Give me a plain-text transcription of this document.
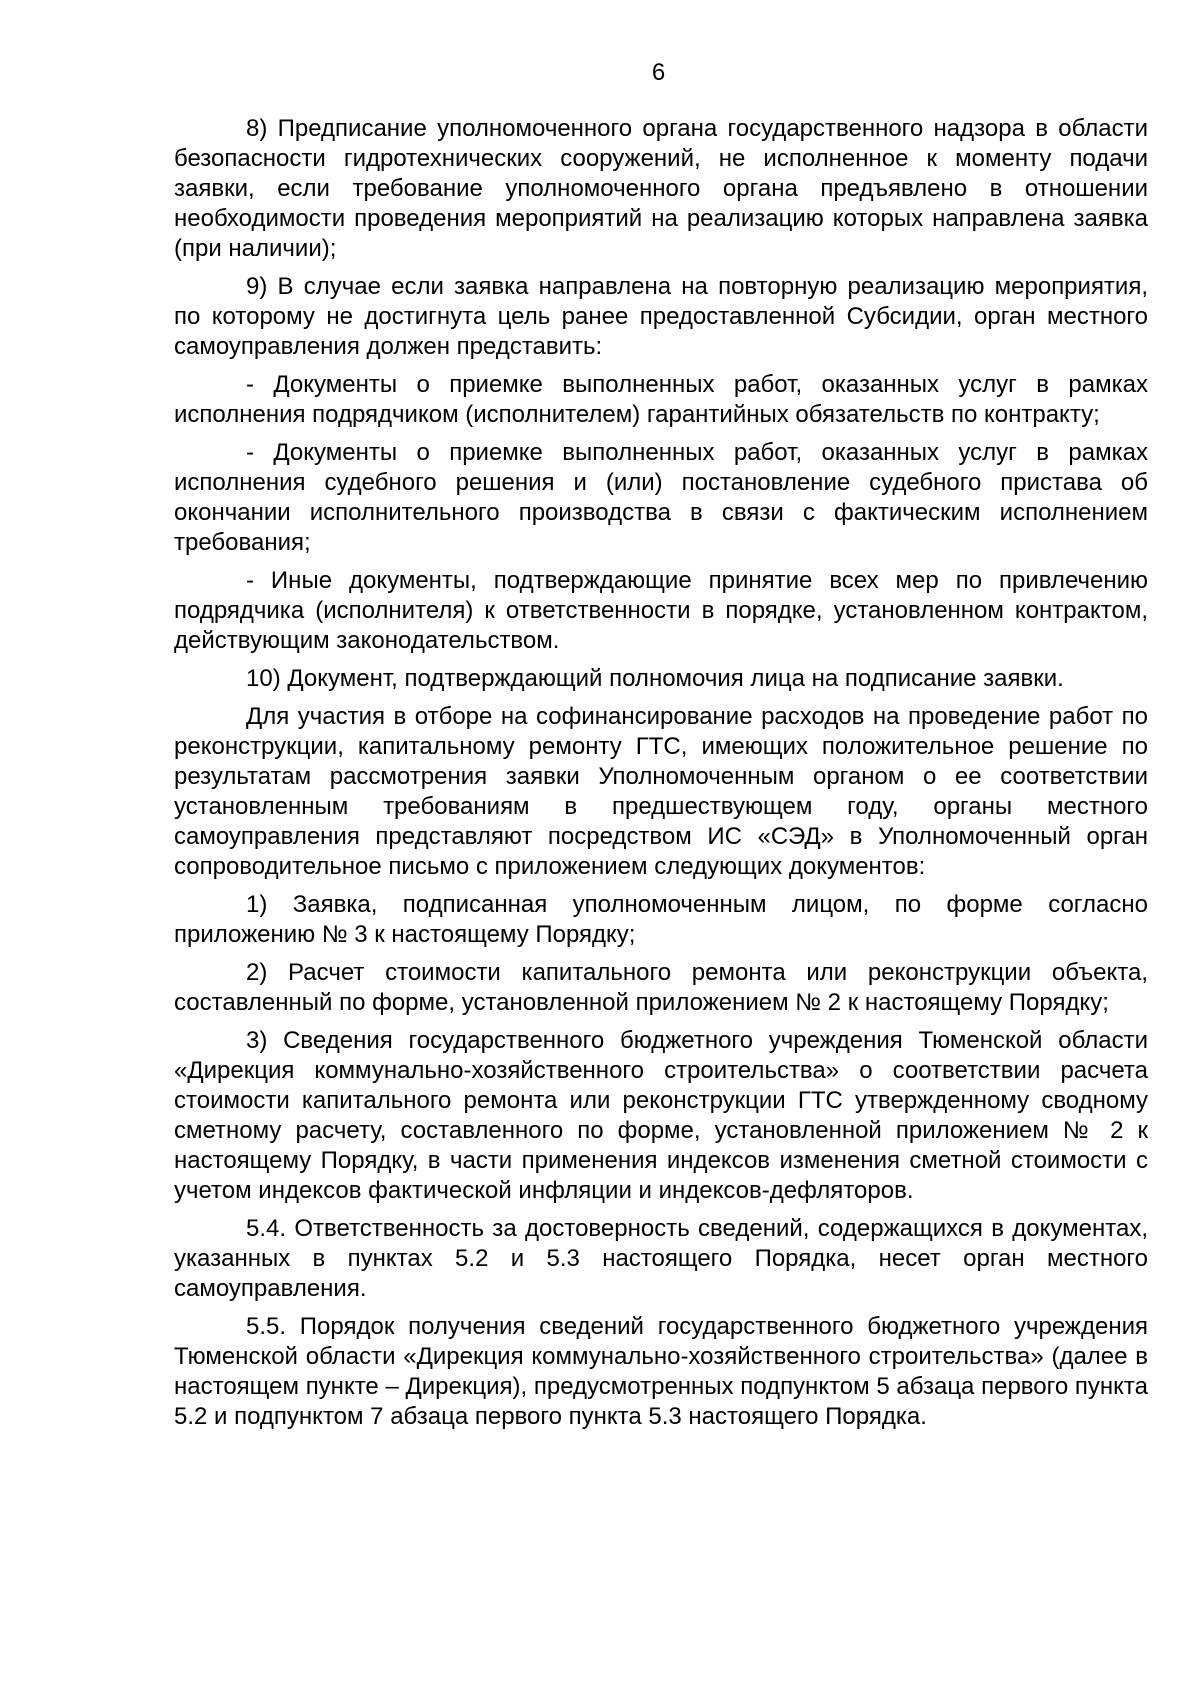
6

8) Предписание уполномоченного органа государственного надзора в области безопасности гидротехнических сооружений, не исполненное к моменту подачи заявки, если требование уполномоченного органа предъявлено в отношении необходимости проведения мероприятий на реализацию которых направлена заявка (при наличии);

9) В случае если заявка направлена на повторную реализацию мероприятия, по которому не достигнута цель ранее предоставленной Субсидии, орган местного самоуправления должен представить:

- Документы о приемке выполненных работ, оказанных услуг в рамках исполнения подрядчиком (исполнителем) гарантийных обязательств по контракту;

- Документы о приемке выполненных работ, оказанных услуг в рамках исполнения судебного решения и (или) постановление судебного пристава об окончании исполнительного производства в связи с фактическим исполнением требования;

- Иные документы, подтверждающие принятие всех мер по привлечению подрядчика (исполнителя) к ответственности в порядке, установленном контрактом, действующим законодательством.

10) Документ, подтверждающий полномочия лица на подписание заявки.

Для участия в отборе на софинансирование расходов на проведение работ по реконструкции, капитальному ремонту ГТС, имеющих положительное решение по результатам рассмотрения заявки Уполномоченным органом о ее соответствии установленным требованиям в предшествующем году, органы местного самоуправления представляют посредством ИС «СЭД» в Уполномоченный орган сопроводительное письмо с приложением следующих документов:

1) Заявка, подписанная уполномоченным лицом, по форме согласно приложению № 3 к настоящему Порядку;

2) Расчет стоимости капитального ремонта или реконструкции объекта, составленный по форме, установленной приложением № 2 к настоящему Порядку;

3) Сведения государственного бюджетного учреждения Тюменской области «Дирекция коммунально-хозяйственного строительства» о соответствии расчета стоимости капитального ремонта или реконструкции ГТС утвержденному сводному сметному расчету, составленного по форме, установленной приложением № 2 к настоящему Порядку, в части применения индексов изменения сметной стоимости с учетом индексов фактической инфляции и индексов-дефляторов.

5.4. Ответственность за достоверность сведений, содержащихся в документах, указанных в пунктах 5.2 и 5.3 настоящего Порядка, несет орган местного самоуправления.

5.5. Порядок получения сведений государственного бюджетного учреждения Тюменской области «Дирекция коммунально-хозяйственного строительства» (далее в настоящем пункте – Дирекция), предусмотренных подпунктом 5 абзаца первого пункта 5.2 и подпунктом 7 абзаца первого пункта 5.3 настоящего Порядка.
